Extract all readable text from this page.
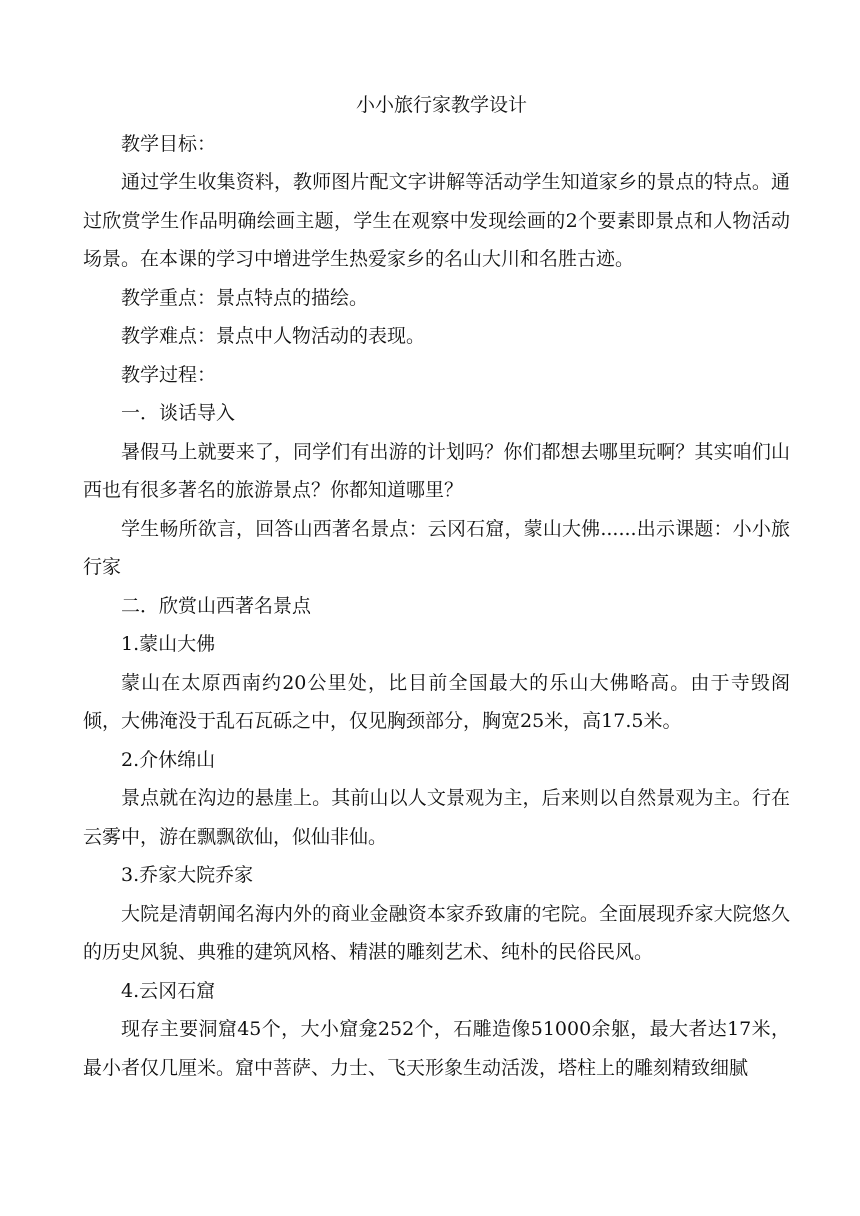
小小旅行家教学设计

教学目标：

通过学生收集资料，教师图片配文字讲解等活动学生知道家乡的景点的特点。通过欣赏学生作品明确绘画主题，学生在观察中发现绘画的2个要素即景点和人物活动场景。在本课的学习中增进学生热爱家乡的名山大川和名胜古迹。

教学重点：景点特点的描绘。

教学难点：景点中人物活动的表现。

教学过程：

一．谈话导入

暑假马上就要来了，同学们有出游的计划吗？你们都想去哪里玩啊？其实咱们山西也有很多著名的旅游景点？你都知道哪里？

学生畅所欲言，回答山西著名景点：云冈石窟，蒙山大佛......出示课题：小小旅行家

二．欣赏山西著名景点

1.蒙山大佛

蒙山在太原西南约20公里处，比目前全国最大的乐山大佛略高。由于寺毁阁倾，大佛淹没于乱石瓦砾之中，仅见胸颈部分，胸宽25米，高17.5米。

2.介休绵山

景点就在沟边的悬崖上。其前山以人文景观为主，后来则以自然景观为主。行在云雾中，游在飘飘欲仙，似仙非仙。

3.乔家大院乔家

大院是清朝闻名海内外的商业金融资本家乔致庸的宅院。全面展现乔家大院悠久的历史风貌、典雅的建筑风格、精湛的雕刻艺术、纯朴的民俗民风。

4.云冈石窟

现存主要洞窟45个，大小窟龛252个，石雕造像51000余躯，最大者达17米，最小者仅几厘米。窟中菩萨、力士、飞天形象生动活泼，塔柱上的雕刻精致细腻
